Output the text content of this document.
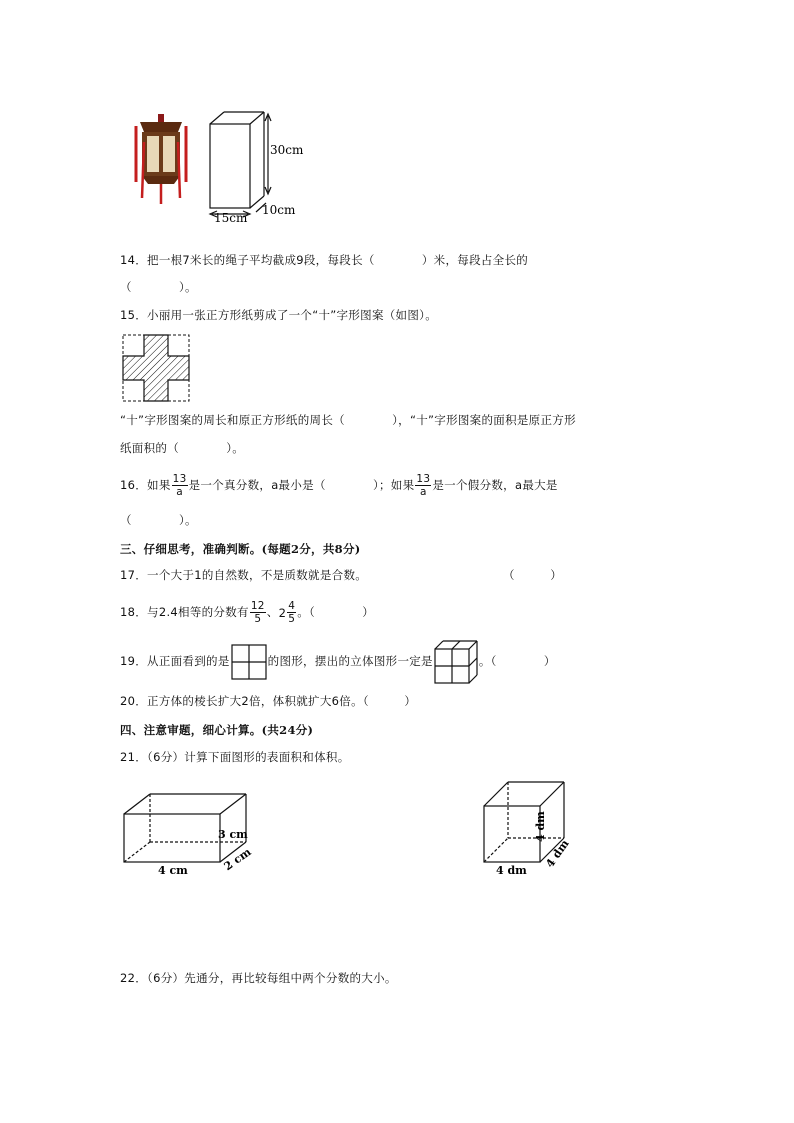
30cm
15cm
10cm
14．把一根7米长的绳子平均截成9段，每段长（　　　　）米，每段占全长的
（　　　　）。
15．小丽用一张正方形纸剪成了一个“十”字形图案（如图）。
“十”字形图案的周长和原正方形纸的周长（　　　　），“十”字形图案的面积是原正方形
纸面积的（　　　　）。
16．如果 $\frac{13}{a}$ 是一个真分数，a最小是（　　　　）；如果 $\frac{13}{a}$ 是一个假分数，a最大是
（　　　　）。
三、仔细思考，准确判断。(每题2分，共8分)
17．一个大于1的自然数，不是质数就是合数。	（　　　）
18．与2.4相等的分数有 $\frac{12}{5}$ 、$2 \frac{4}{5}$ 。（　　　　）
19．从正面看到的是	的图形，摆出的立体图形一定是	。（　　　　）
20．正方体的棱长扩大2倍，体积就扩大6倍。（　　　）
四、注意审题，细心计算。(共24分)
21．（6分）计算下面图形的表面积和体积。
4 cm
3 cm
2 cm	4 dm
4 dm
4 dm
22．（6分）先通分，再比较每组中两个分数的大小。
